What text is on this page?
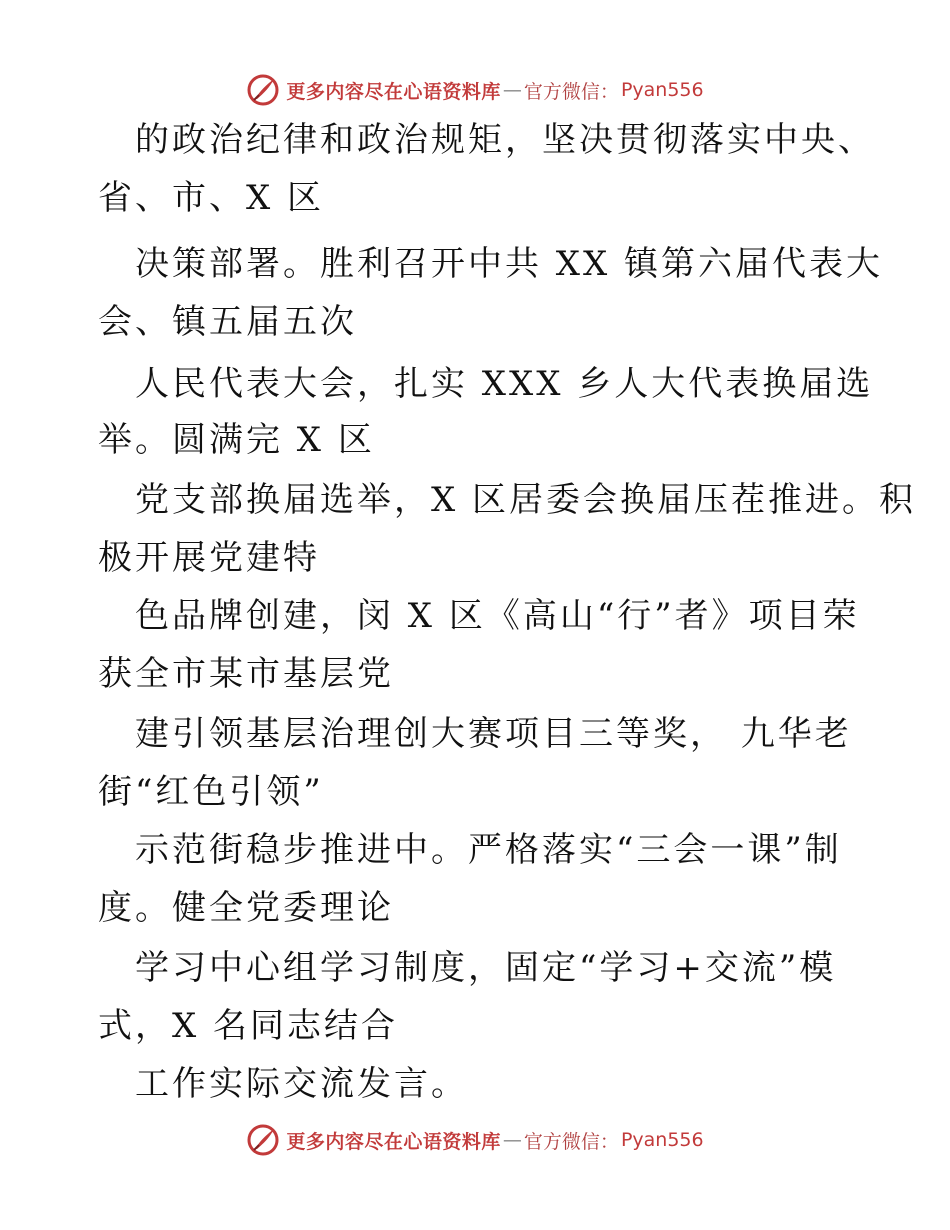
更多内容尽在心语资料库 — 官方微信： Pyan556
的政治纪律和政治规矩，坚决贯彻落实中央、
省、市、X 区
决策部署。胜利召开中共 XX 镇第六届代表大
会、镇五届五次
人民代表大会，扎实 XXX 乡人大代表换届选
举。圆满完 X 区
党支部换届选举，X 区居委会换届压茬推进。积
极开展党建特
色品牌创建，闵 X 区《高山“行”者》项目荣
获全市某市基层党
建引领基层治理创大赛项目三等奖， 九华老
街“红色引领”
示范街稳步推进中。严格落实“三会一课”制
度。健全党委理论
学习中心组学习制度，固定“学习+交流”模
式，X 名同志结合
工作实际交流发言。
更多内容尽在心语资料库 — 官方微信： Pyan556
